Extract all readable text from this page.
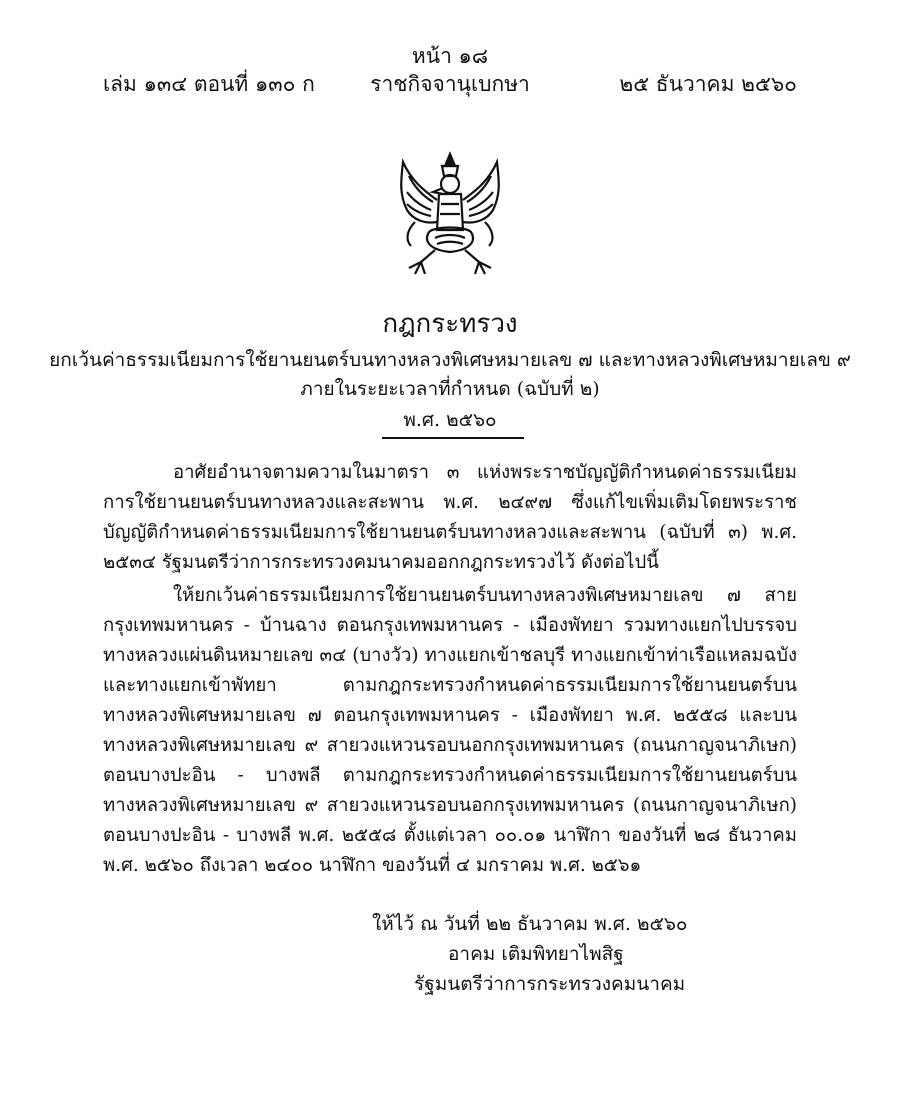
หน้า ๑๘
เล่ม ๑๓๔ ตอนที่ ๑๓๐ ก	ราชกิจจานุเบกษา	๒๕ ธันวาคม ๒๕๖๐
กฎกระทรวง
ยกเว้นค่าธรรมเนียมการใช้ยานยนตร์บนทางหลวงพิเศษหมายเลข ๗ และทางหลวงพิเศษหมายเลข ๙
ภายในระยะเวลาที่กำหนด (ฉบับที่ ๒)
พ.ศ. ๒๕๖๐

อาศัยอำนาจตามความในมาตรา ๓ แห่งพระราชบัญญัติกำหนดค่าธรรมเนียมการใช้ยานยนตร์บนทางหลวงและสะพาน พ.ศ. ๒๔๙๗ ซึ่งแก้ไขเพิ่มเติมโดยพระราชบัญญัติกำหนดค่าธรรมเนียมการใช้ยานยนตร์บนทางหลวงและสะพาน (ฉบับที่ ๓) พ.ศ. ๒๕๓๔ รัฐมนตรีว่าการกระทรวงคมนาคมออกกฎกระทรวงไว้ ดังต่อไปนี้

ให้ยกเว้นค่าธรรมเนียมการใช้ยานยนตร์บนทางหลวงพิเศษหมายเลข ๗ สายกรุงเทพมหานคร - บ้านฉาง ตอนกรุงเทพมหานคร - เมืองพัทยา รวมทางแยกไปบรรจบทางหลวงแผ่นดินหมายเลข ๓๔ (บางวัว) ทางแยกเข้าชลบุรี ทางแยกเข้าท่าเรือแหลมฉบัง และทางแยกเข้าพัทยา ตามกฎกระทรวงกำหนดค่าธรรมเนียมการใช้ยานยนตร์บนทางหลวงพิเศษหมายเลข ๗ ตอนกรุงเทพมหานคร - เมืองพัทยา พ.ศ. ๒๕๕๘ และบนทางหลวงพิเศษหมายเลข ๙ สายวงแหวนรอบนอกกรุงเทพมหานคร (ถนนกาญจนาภิเษก) ตอนบางปะอิน - บางพลี ตามกฎกระทรวงกำหนดค่าธรรมเนียมการใช้ยานยนตร์บนทางหลวงพิเศษหมายเลข ๙ สายวงแหวนรอบนอกกรุงเทพมหานคร (ถนนกาญจนาภิเษก) ตอนบางปะอิน - บางพลี พ.ศ. ๒๕๕๘ ตั้งแต่เวลา ๐๐.๐๑ นาฬิกา ของวันที่ ๒๘ ธันวาคม พ.ศ. ๒๕๖๐ ถึงเวลา ๒๔๐๐ นาฬิกา ของวันที่ ๔ มกราคม พ.ศ. ๒๕๖๑

ให้ไว้ ณ วันที่ ๒๒ ธันวาคม พ.ศ. ๒๕๖๐
อาคม เติมพิทยาไพสิฐ
รัฐมนตรีว่าการกระทรวงคมนาคม
